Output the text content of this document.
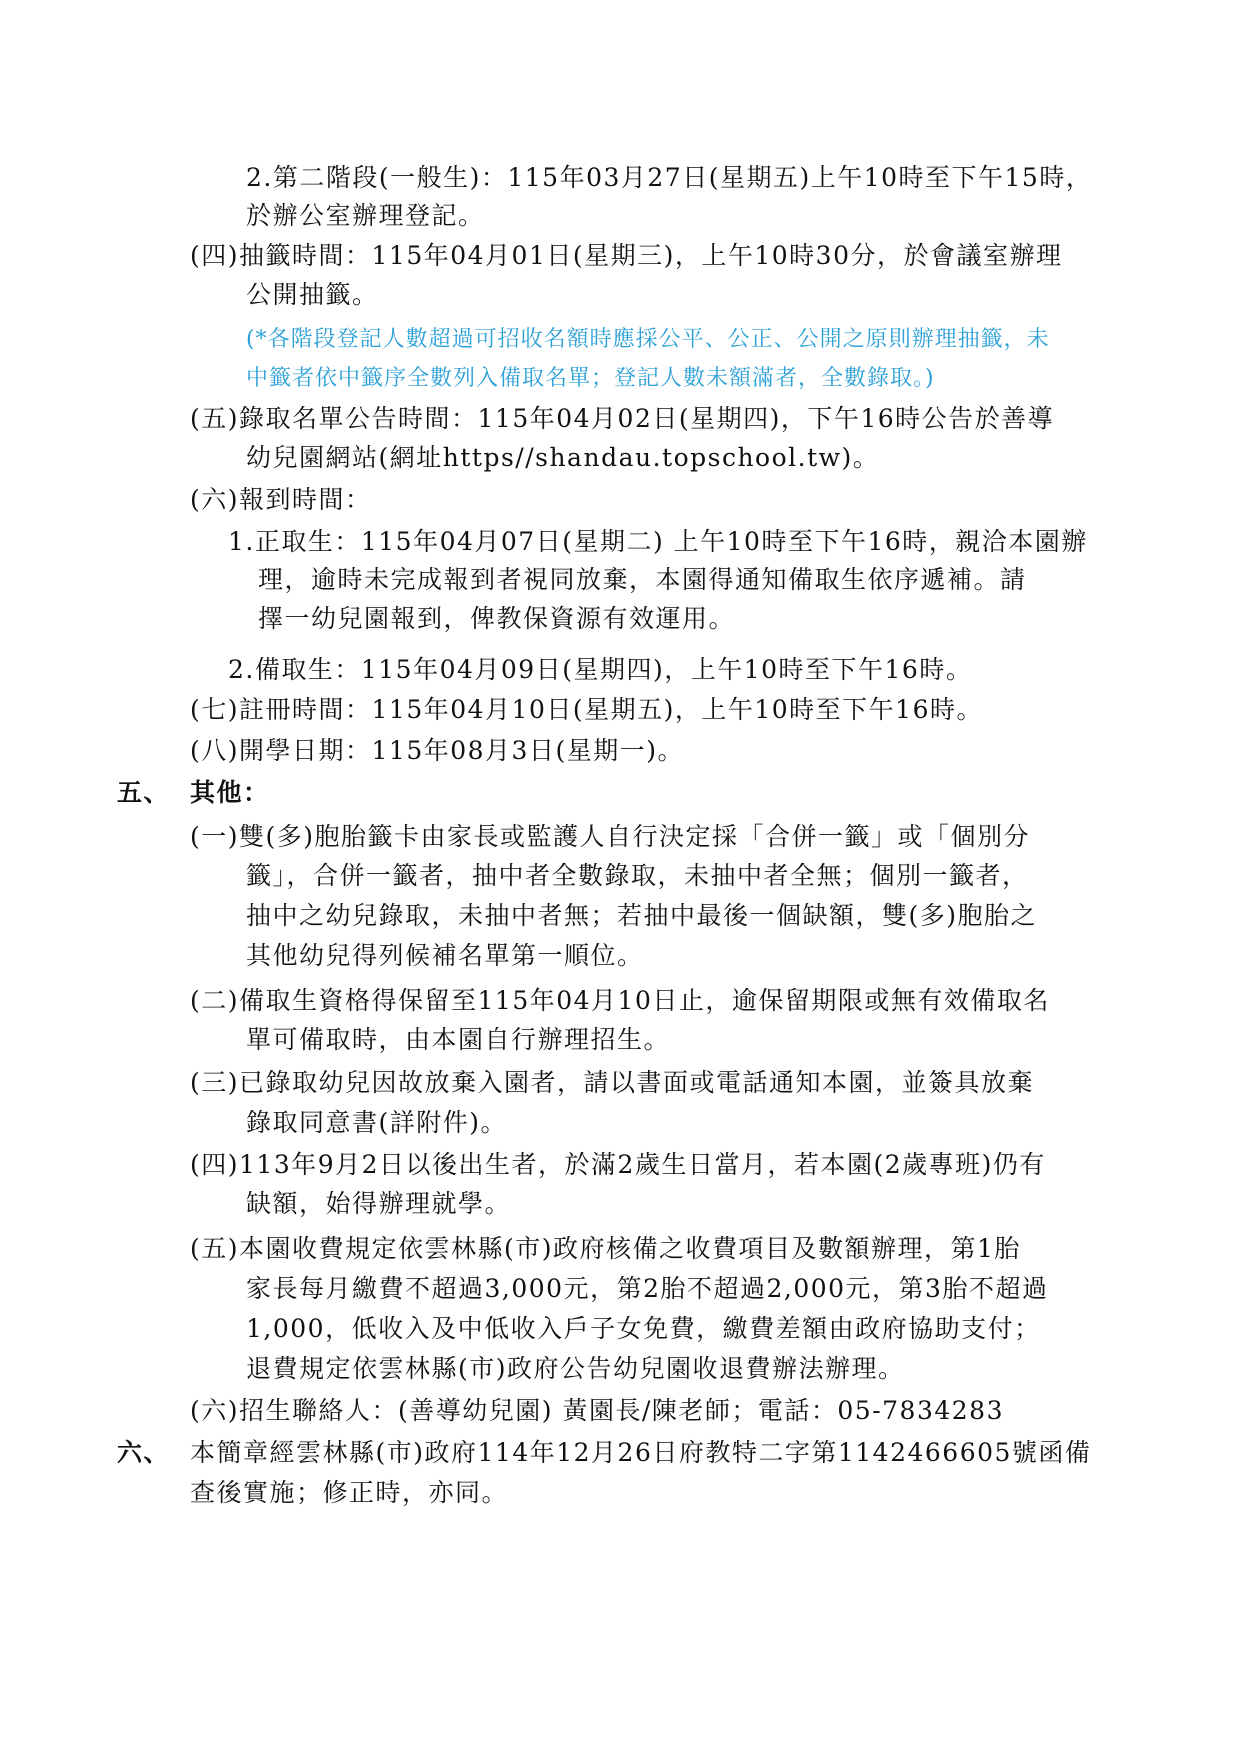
2.第二階段(一般生)：115年03月27日(星期五)上午10時至下午15時，
於辦公室辦理登記。
(四)抽籤時間：115年04月01日(星期三)，上午10時30分，於會議室辦理
公開抽籤。
(*各階段登記人數超過可招收名額時應採公平、公正、公開之原則辦理抽籤，未
中籤者依中籤序全數列入備取名單；登記人數未額滿者，全數錄取。)
(五)錄取名單公告時間：115年04月02日(星期四)，下午16時公告於善導
幼兒園網站(網址https//shandau.topschool.tw)。
(六)報到時間：
1.正取生：115年04月07日(星期二) 上午10時至下午16時，親洽本園辦
理，逾時未完成報到者視同放棄，本園得通知備取生依序遞補。請
擇一幼兒園報到，俾教保資源有效運用。
2.備取生：115年04月09日(星期四)，上午10時至下午16時。
(七)註冊時間：115年04月10日(星期五)，上午10時至下午16時。
(八)開學日期：115年08月3日(星期一)。
五、 其他：
(一)雙(多)胞胎籤卡由家長或監護人自行決定採「合併一籤」或「個別分
籤」，合併一籤者，抽中者全數錄取，未抽中者全無；個別一籤者，
抽中之幼兒錄取，未抽中者無；若抽中最後一個缺額，雙(多)胞胎之
其他幼兒得列候補名單第一順位。
(二)備取生資格得保留至115年04月10日止，逾保留期限或無有效備取名
單可備取時，由本園自行辦理招生。
(三)已錄取幼兒因故放棄入園者，請以書面或電話通知本園，並簽具放棄
錄取同意書(詳附件)。
(四)113年9月2日以後出生者，於滿2歲生日當月，若本園(2歲專班)仍有
缺額，始得辦理就學。
(五)本園收費規定依雲林縣(市)政府核備之收費項目及數額辦理，第1胎
家長每月繳費不超過3,000元，第2胎不超過2,000元，第3胎不超過
1,000，低收入及中低收入戶子女免費，繳費差額由政府協助支付；
退費規定依雲林縣(市)政府公告幼兒園收退費辦法辦理。
(六)招生聯絡人：(善導幼兒園) 黃園長/陳老師；電話：05-7834283
六、 本簡章經雲林縣(市)政府114年12月26日府教特二字第1142466605號函備
查後實施；修正時，亦同。
